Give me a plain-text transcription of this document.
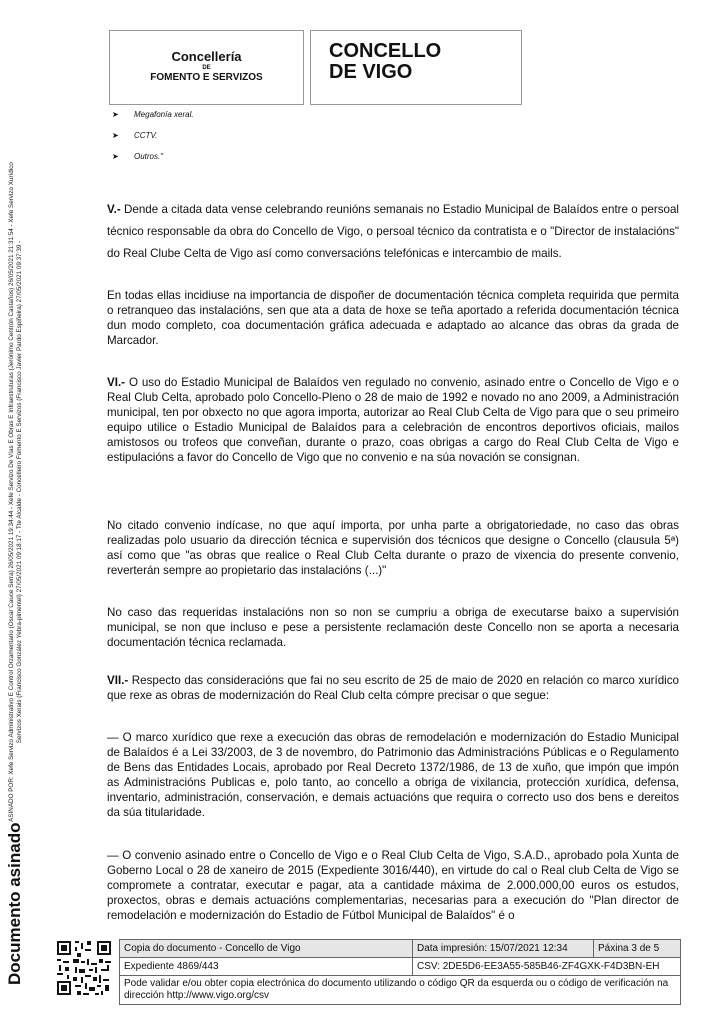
Concellería
DE
FOMENTO E SERVIZOS
CONCELLO
DE VIGO
ASINADO POR: Xefe Servizo Administrativo E Control Orzamentario (Oscar Cauce Serra) 26/05/2021 19:34:44 - Xefe Servizo De Vías E Obras E Infraestruturas (Jerónimo Centrón Castaños) 26/05/2021 21:31:54 - Xefe Servizo Xurídico Servizos Xerais (Francisco González Yebra-pimentel) 27/05/2021 09:18:17 - Tte Alcalde - Concelleiro Fomento E Servizos (Francisco Javier Pardo Espiñeira) 27/05/2021 09:37:39 -
Documento asinado
➤ Megafonía xeral.
➤ CCTV.
➤ Outros."
V.- Dende a citada data vense celebrando reunións semanais no Estadio Municipal de Balaídos entre o persoal técnico responsable da obra do Concello de Vigo, o persoal técnico da contratista e o "Director de instalacións" do Real Clube Celta de Vigo así como conversacións telefónicas e intercambio de mails.
En todas ellas incidiuse na importancia de dispoñer de documentación técnica completa requirida que permita o retranqueo das instalacións, sen que ata a data de hoxe se teña aportado a referida documentación técnica dun modo completo, coa documentación gráfica adecuada e adaptado ao alcance das obras da grada de Marcador.
VI.- O uso do Estadio Municipal de Balaídos ven regulado no convenio, asinado entre o Concello de Vigo e o Real Club Celta, aprobado polo Concello-Pleno o 28 de maio de 1992 e novado no ano 2009, a Administración municipal, ten por obxecto no que agora importa, autorizar ao Real Club Celta de Vigo para que o seu primeiro equipo utilice o Estadio Municipal de Balaídos para a celebración de encontros deportivos oficiais, mailos amistosos ou trofeos que conveñan, durante o prazo, coas obrigas a cargo do Real Club Celta de Vigo e estipulacións a favor do Concello de Vigo que no convenio e na súa novación se consignan.
No citado convenio indícase, no que aquí importa, por unha parte a obrigatoriedade, no caso das obras realizadas polo usuario da dirección técnica e supervisión dos técnicos que designe o Concello (clausula 5ª) así como que "as obras que realice o Real Club Celta durante o prazo de vixencia do presente convenio, reverterán sempre ao propietario das instalacións (...)"
No caso das requeridas instalacións non so non se cumpriu a obriga de executarse baixo a supervisión municipal, se non que incluso e pese a persistente reclamación deste Concello non se aporta a necesaria documentación técnica reclamada.
VII.- Respecto das consideracións que fai no seu escrito de 25 de maio de 2020 en relación co marco xurídico que rexe as obras de modernización do Real Club celta cómpre precisar o que segue:
— O marco xurídico que rexe a execución das obras de remodelación e modernización do Estadio Municipal de Balaídos é a Lei 33/2003, de 3 de novembro, do Patrimonio das Administracións Públicas e o Regulamento de Bens das Entidades Locais, aprobado por Real Decreto 1372/1986, de 13 de xuño, que impón que impón as Administracións Publicas e, polo tanto, ao concello a obriga de vixilancia, protección xurídica, defensa, inventario, administración, conservación, e demais actuacións que requira o correcto uso dos bens e dereitos da súa titularidade.
— O convenio asinado entre o Concello de Vigo e o Real Club Celta de Vigo, S.A.D., aprobado pola Xunta de Goberno Local o 28 de xaneiro de 2015 (Expediente 3016/440), en virtude do cal o Real club Celta de Vigo se compromete a contratar, executar e pagar, ata a cantidade máxima de 2.000.000,00 euros os estudos, proxectos, obras e demais actuacións complementarias, necesarias para a execución do "Plan director de remodelación e modernización do Estadio de Fútbol Municipal de Balaídos" é o
Copia do documento - Concello de Vigo	Data impresión: 15/07/2021 12:34	Páxina 3 de 5
Expediente 4869/443	CSV: 2DE5D6-EE3A55-585B46-ZF4GXK-F4D3BN-EH	
Pode validar e/ou obter copia electrónica do documento utilizando o código QR da esquerda ou o código de verificación na dirección http://www.vigo.org/csv		
